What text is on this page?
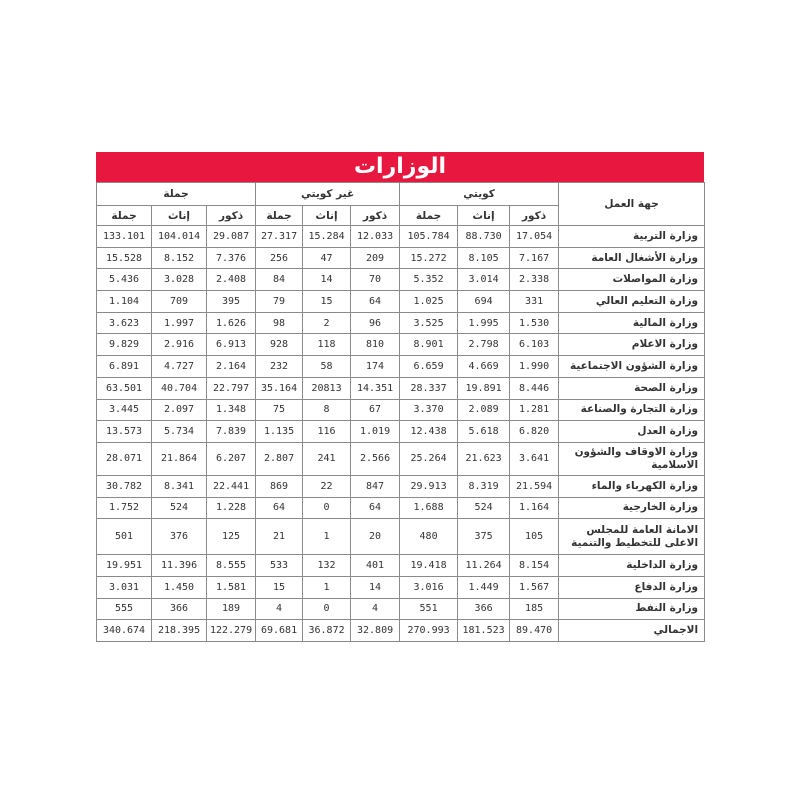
الوزارات
جهة العمل	كويتي			غير كويتي			جملة		
	ذكور	إناث	جملة	ذكور	إناث	جملة	ذكور	إناث	جملة
وزارة التربية	17.054	88.730	105.784	12.033	15.284	27.317	29.087	104.014	133.101
وزارة الأشغال العامة	7.167	8.105	15.272	209	47	256	7.376	8.152	15.528
وزارة المواصلات	2.338	3.014	5.352	70	14	84	2.408	3.028	5.436
وزارة التعليم العالي	331	694	1.025	64	15	79	395	709	1.104
وزارة المالية	1.530	1.995	3.525	96	2	98	1.626	1.997	3.623
وزارة الاعلام	6.103	2.798	8.901	810	118	928	6.913	2.916	9.829
وزارة الشؤون الاجتماعية	1.990	4.669	6.659	174	58	232	2.164	4.727	6.891
وزارة الصحة	8.446	19.891	28.337	14.351	20813	35.164	22.797	40.704	63.501
وزارة التجارة والصناعة	1.281	2.089	3.370	67	8	75	1.348	2.097	3.445
وزارة العدل	6.820	5.618	12.438	1.019	116	1.135	7.839	5.734	13.573
وزارة الاوقاف والشؤون الاسلامية	3.641	21.623	25.264	2.566	241	2.807	6.207	21.864	28.071
وزارة الكهرباء والماء	21.594	8.319	29.913	847	22	869	22.441	8.341	30.782
وزارة الخارجية	1.164	524	1.688	64	0	64	1.228	524	1.752
الامانة العامة للمجلس الاعلى للتخطيط والتنمية	105	375	480	20	1	21	125	376	501
وزارة الداخلية	8.154	11.264	19.418	401	132	533	8.555	11.396	19.951
وزارة الدفاع	1.567	1.449	3.016	14	1	15	1.581	1.450	3.031
وزارة النفط	185	366	551	4	0	4	189	366	555
الاجمالي	89.470	181.523	270.993	32.809	36.872	69.681	122.279	218.395	340.674
